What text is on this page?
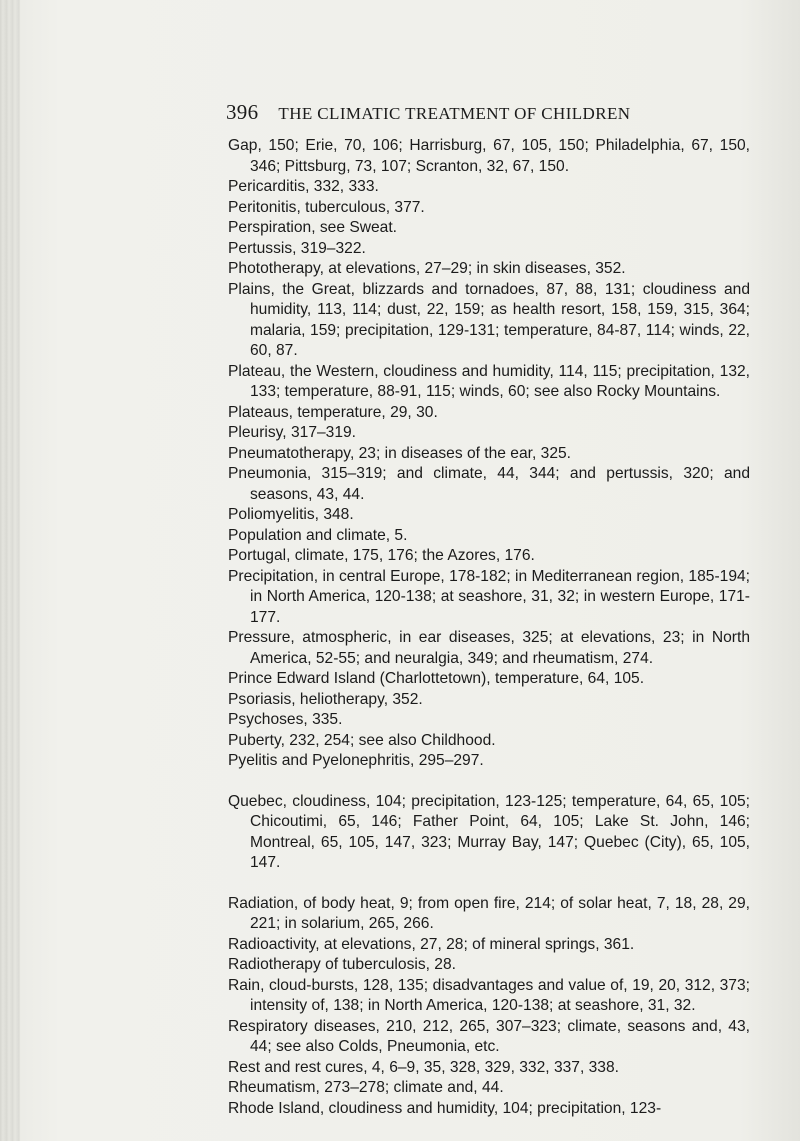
396 THE CLIMATIC TREATMENT OF CHILDREN

Gap, 150; Erie, 70, 106; Harrisburg, 67, 105, 150; Philadelphia, 67, 150, 346; Pittsburg, 73, 107; Scranton, 32, 67, 150.

Pericarditis, 332, 333.

Peritonitis, tuberculous, 377.

Perspiration, see Sweat.

Pertussis, 319–322.

Phototherapy, at elevations, 27–29; in skin diseases, 352.

Plains, the Great, blizzards and tornadoes, 87, 88, 131; cloudiness and humidity, 113, 114; dust, 22, 159; as health resort, 158, 159, 315, 364; malaria, 159; precipitation, 129-131; temperature, 84-87, 114; winds, 22, 60, 87.

Plateau, the Western, cloudiness and humidity, 114, 115; precipitation, 132, 133; temperature, 88-91, 115; winds, 60; see also Rocky Mountains.

Plateaus, temperature, 29, 30.

Pleurisy, 317–319.

Pneumatotherapy, 23; in diseases of the ear, 325.

Pneumonia, 315–319; and climate, 44, 344; and pertussis, 320; and seasons, 43, 44.

Poliomyelitis, 348.

Population and climate, 5.

Portugal, climate, 175, 176; the Azores, 176.

Precipitation, in central Europe, 178-182; in Mediterranean region, 185-194; in North America, 120-138; at seashore, 31, 32; in western Europe, 171-177.

Pressure, atmospheric, in ear diseases, 325; at elevations, 23; in North America, 52-55; and neuralgia, 349; and rheumatism, 274.

Prince Edward Island (Charlottetown), temperature, 64, 105.

Psoriasis, heliotherapy, 352.

Psychoses, 335.

Puberty, 232, 254; see also Childhood.

Pyelitis and Pyelonephritis, 295–297.

Quebec, cloudiness, 104; precipitation, 123-125; temperature, 64, 65, 105; Chicoutimi, 65, 146; Father Point, 64, 105; Lake St. John, 146; Montreal, 65, 105, 147, 323; Murray Bay, 147; Quebec (City), 65, 105, 147.

Radiation, of body heat, 9; from open fire, 214; of solar heat, 7, 18, 28, 29, 221; in solarium, 265, 266.

Radioactivity, at elevations, 27, 28; of mineral springs, 361.

Radiotherapy of tuberculosis, 28.

Rain, cloud-bursts, 128, 135; disadvantages and value of, 19, 20, 312, 373; intensity of, 138; in North America, 120-138; at seashore, 31, 32.

Respiratory diseases, 210, 212, 265, 307–323; climate, seasons and, 43, 44; see also Colds, Pneumonia, etc.

Rest and rest cures, 4, 6–9, 35, 328, 329, 332, 337, 338.

Rheumatism, 273–278; climate and, 44.

Rhode Island, cloudiness and humidity, 104; precipitation, 123-
